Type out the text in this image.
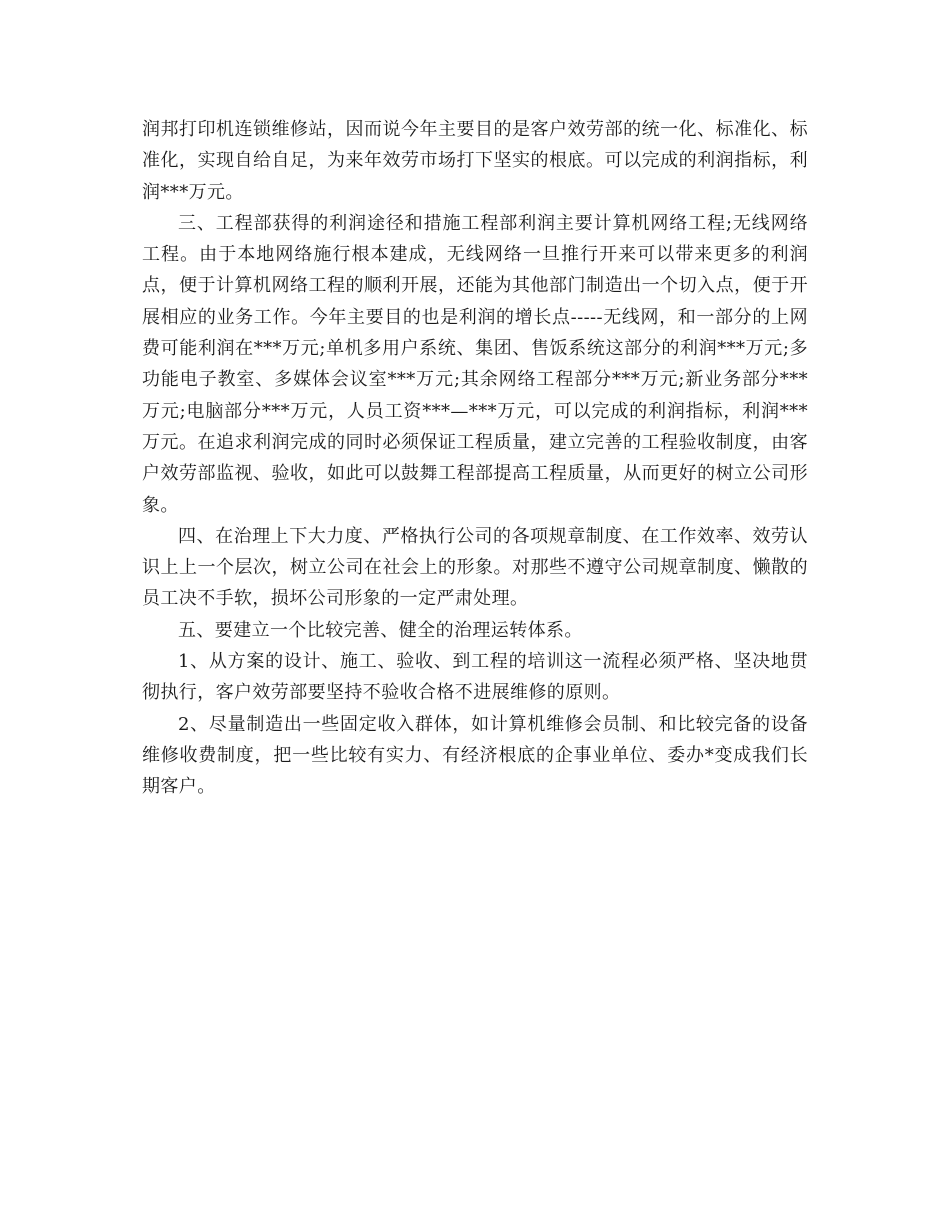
润邦打印机连锁维修站，因而说今年主要目的是客户效劳部的统一化、标准化、标准化，实现自给自足，为来年效劳市场打下坚实的根底。可以完成的利润指标，利润***万元。

三、工程部获得的利润途径和措施工程部利润主要计算机网络工程;无线网络工程。由于本地网络施行根本建成，无线网络一旦推行开来可以带来更多的利润点，便于计算机网络工程的顺利开展，还能为其他部门制造出一个切入点，便于开展相应的业务工作。今年主要目的也是利润的增长点-----无线网，和一部分的上网费可能利润在***万元;单机多用户系统、集团、售饭系统这部分的利润***万元;多功能电子教室、多媒体会议室***万元;其余网络工程部分***万元;新业务部分***万元;电脑部分***万元，人员工资***—***万元，可以完成的利润指标，利润***万元。在追求利润完成的同时必须保证工程质量，建立完善的工程验收制度，由客户效劳部监视、验收，如此可以鼓舞工程部提高工程质量，从而更好的树立公司形象。

四、在治理上下大力度、严格执行公司的各项规章制度、在工作效率、效劳认识上上一个层次，树立公司在社会上的形象。对那些不遵守公司规章制度、懒散的员工决不手软，损坏公司形象的一定严肃处理。

五、要建立一个比较完善、健全的治理运转体系。

1、从方案的设计、施工、验收、到工程的培训这一流程必须严格、坚决地贯彻执行，客户效劳部要坚持不验收合格不进展维修的原则。

2、尽量制造出一些固定收入群体，如计算机维修会员制、和比较完备的设备维修收费制度，把一些比较有实力、有经济根底的企事业单位、委办*变成我们长期客户。
